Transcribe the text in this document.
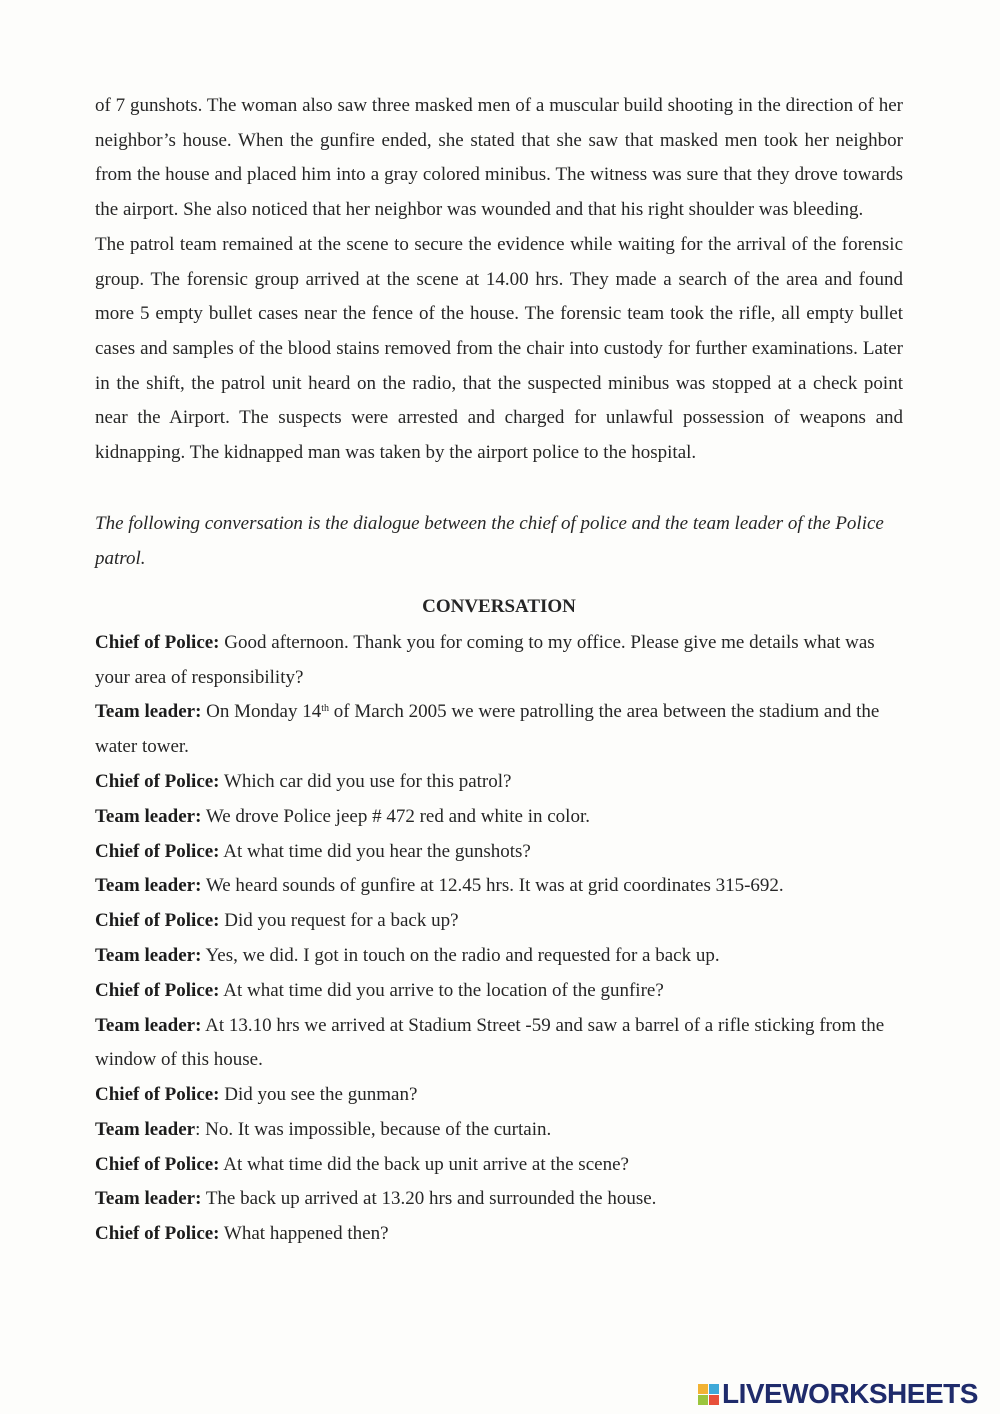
of 7 gunshots. The woman also saw three masked men of a muscular build shooting in the direction of her neighbor’s house. When the gunfire ended, she stated that she saw that masked men took her neighbor from the house and placed him into a gray colored minibus. The witness was sure that they drove towards the airport. She also noticed that her neighbor was wounded and that his right shoulder was bleeding.

The patrol team remained at the scene to secure the evidence while waiting for the arrival of the forensic group. The forensic group arrived at the scene at 14.00 hrs. They made a search of the area and found more 5 empty bullet cases near the fence of the house. The forensic team took the rifle, all empty bullet cases and samples of the blood stains removed from the chair into custody for further examinations. Later in the shift, the patrol unit heard on the radio, that the suspected minibus was stopped at a check point near the Airport. The suspects were arrested and charged for unlawful possession of weapons and kidnapping. The kidnapped man was taken by the airport police to the hospital.

The following conversation is the dialogue between the chief of police and the team leader of the Police patrol.

CONVERSATION

Chief of Police: Good afternoon. Thank you for coming to my office. Please give me details what was your area of responsibility?

Team leader: On Monday 14th of March 2005 we were patrolling the area between the stadium and the water tower.

Chief of Police: Which car did you use for this patrol?

Team leader: We drove Police jeep # 472 red and white in color.

Chief of Police: At what time did you hear the gunshots?

Team leader: We heard sounds of gunfire at 12.45 hrs. It was at grid coordinates 315-692.

Chief of Police: Did you request for a back up?

Team leader: Yes, we did. I got in touch on the radio and requested for a back up.

Chief of Police: At what time did you arrive to the location of the gunfire?

Team leader: At 13.10 hrs we arrived at Stadium Street -59 and saw a barrel of a rifle sticking from the window of this house.

Chief of Police: Did you see the gunman?

Team leader: No. It was impossible, because of the curtain.

Chief of Police: At what time did the back up unit arrive at the scene?

Team leader: The back up arrived at 13.20 hrs and surrounded the house.

Chief of Police: What happened then?

LIVEWORKSHEETS
